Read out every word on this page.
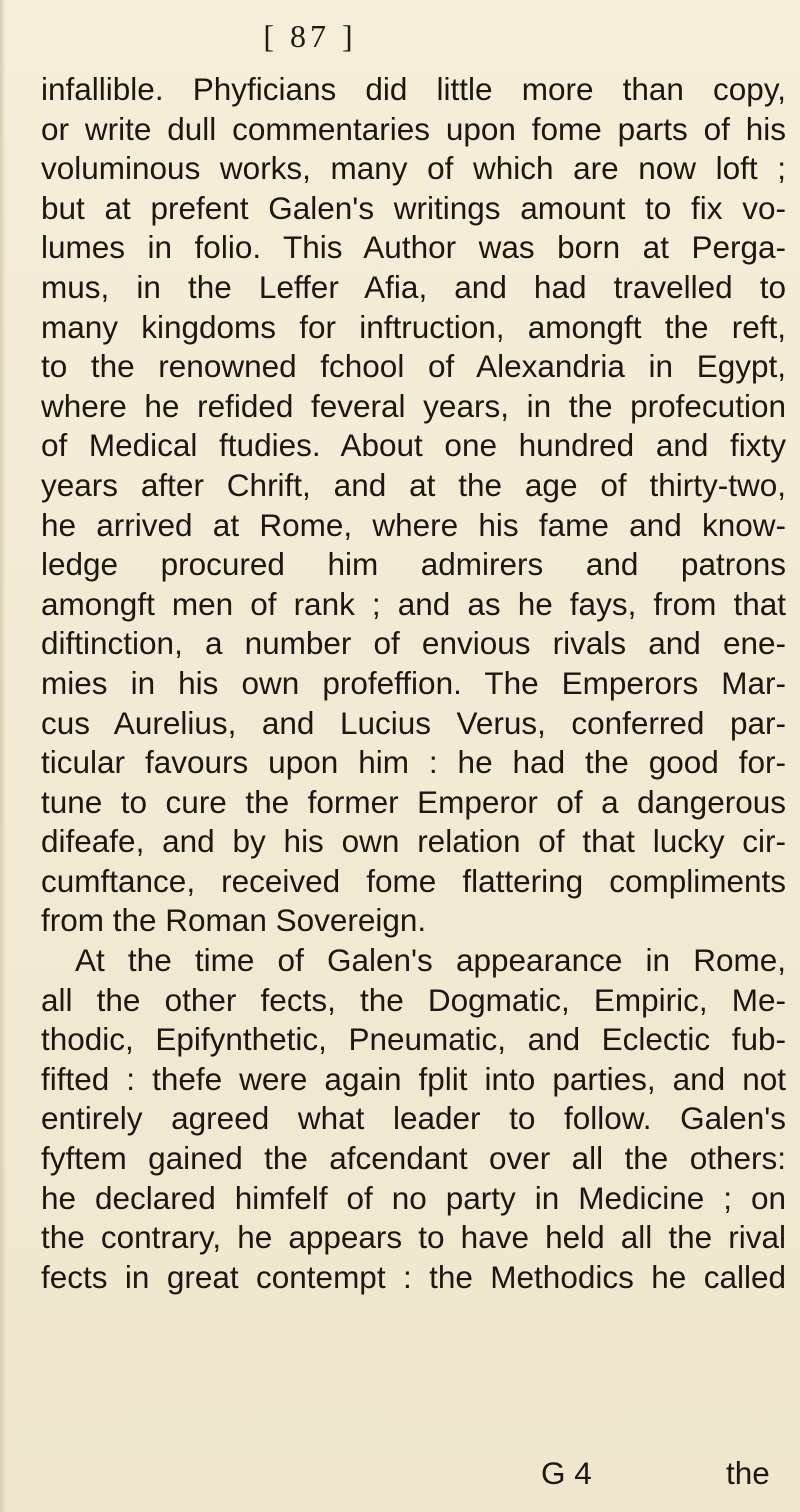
[ 87 ]
infallible. Phyficians did little more than copy,
or write dull commentaries upon fome parts of his
voluminous works, many of which are now loft ;
but at prefent Galen's writings amount to fix vo-
lumes in folio. This Author was born at Perga-
mus, in the Leffer Afia, and had travelled to
many kingdoms for inftruction, amongft the reft,
to the renowned fchool of Alexandria in Egypt,
where he refided feveral years, in the profecution
of Medical ftudies. About one hundred and fixty
years after Chrift, and at the age of thirty-two,
he arrived at Rome, where his fame and know-
ledge procured him admirers and patrons
amongft men of rank ; and as he fays, from that
diftinction, a number of envious rivals and ene-
mies in his own profeffion. The Emperors Mar-
cus Aurelius, and Lucius Verus, conferred par-
ticular favours upon him : he had the good for-
tune to cure the former Emperor of a dangerous
difeafe, and by his own relation of that lucky cir-
cumftance, received fome flattering compliments
from the Roman Sovereign.
At the time of Galen's appearance in Rome,
all the other fects, the Dogmatic, Empiric, Me-
thodic, Epifynthetic, Pneumatic, and Eclectic fub-
fifted : thefe were again fplit into parties, and not
entirely agreed what leader to follow. Galen's
fyftem gained the afcendant over all the others:
he declared himfelf of no party in Medicine ; on
the contrary, he appears to have held all the rival
fects in great contempt : the Methodics he called
G 4	the
